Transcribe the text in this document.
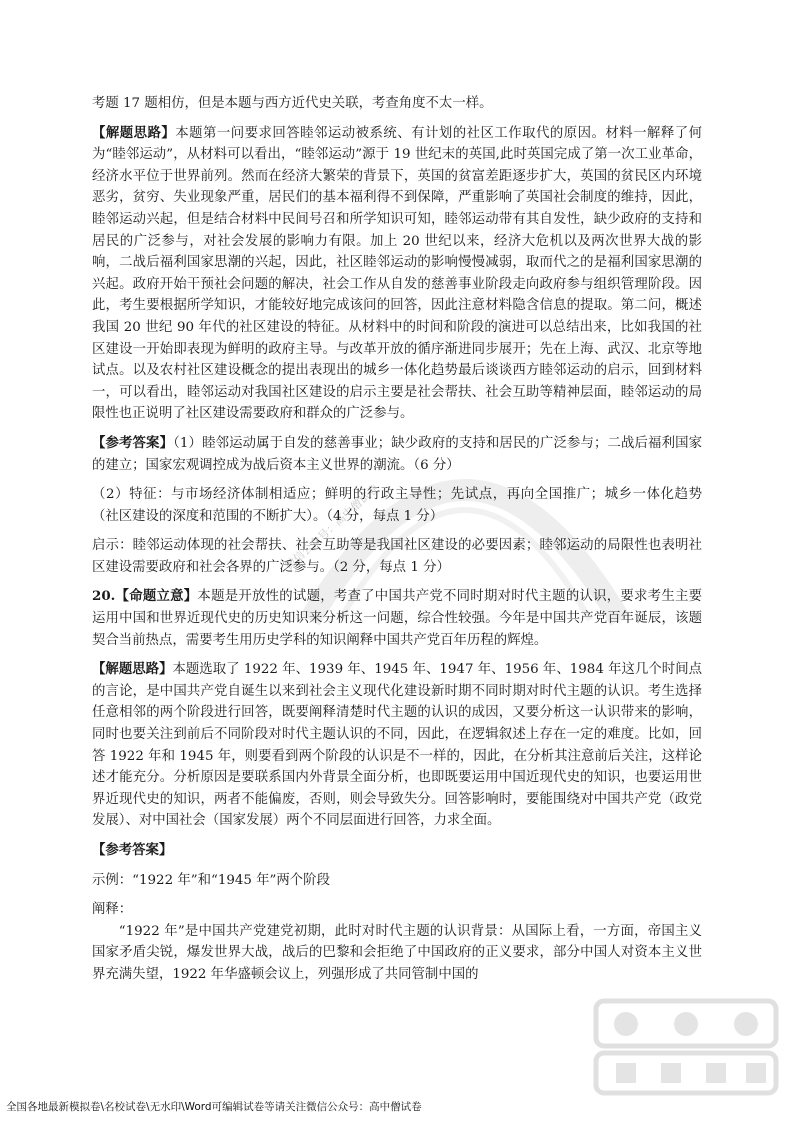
微信公众号：高中僧试卷

考题 17 题相仿，但是本题与西方近代史关联，考查角度不太一样。

【解题思路】本题第一问要求回答睦邻运动被系统、有计划的社区工作取代的原因。材料一解释了何为“睦邻运动”，从材料可以看出，“睦邻运动”源于 19 世纪末的英国,此时英国完成了第一次工业革命，经济水平位于世界前列。然而在经济大繁荣的背景下，英国的贫富差距逐步扩大，英国的贫民区内环境恶劣，贫穷、失业现象严重，居民们的基本福利得不到保障，严重影响了英国社会制度的维持，因此，睦邻运动兴起，但是结合材料中民间号召和所学知识可知，睦邻运动带有其自发性，缺少政府的支持和居民的广泛参与，对社会发展的影响力有限。加上 20 世纪以来，经济大危机以及两次世界大战的影响，二战后福利国家思潮的兴起，因此，社区睦邻运动的影响慢慢减弱，取而代之的是福利国家思潮的兴起。政府开始干预社会问题的解决，社会工作从自发的慈善事业阶段走向政府参与组织管理阶段。因此，考生要根据所学知识，才能较好地完成该问的回答，因此注意材料隐含信息的提取。第二问，概述我国 20 世纪 90 年代的社区建设的特征。从材料中的时间和阶段的演进可以总结出来，比如我国的社区建设一开始即表现为鲜明的政府主导。与改革开放的循序渐进同步展开；先在上海、武汉、北京等地试点。以及农村社区建设概念的提出表现出的城乡一体化趋势最后谈谈西方睦邻运动的启示，回到材料一，可以看出，睦邻运动对我国社区建设的启示主要是社会帮扶、社会互助等精神层面，睦邻运动的局限性也正说明了社区建设需要政府和群众的广泛参与。

【参考答案】（1）睦邻运动属于自发的慈善事业；缺少政府的支持和居民的广泛参与；二战后福利国家的建立；国家宏观调控成为战后资本主义世界的潮流。（6 分）

（2）特征：与市场经济体制相适应；鲜明的行政主导性；先试点，再向全国推广；城乡一体化趋势（社区建设的深度和范围的不断扩大）。（4 分，每点 1 分）

启示：睦邻运动体现的社会帮扶、社会互助等是我国社区建设的必要因素；睦邻运动的局限性也表明社区建设需要政府和社会各界的广泛参与。（2 分，每点 1 分）

20.【命题立意】本题是开放性的试题，考查了中国共产党不同时期对时代主题的认识，要求考生主要运用中国和世界近现代史的历史知识来分析这一问题，综合性较强。今年是中国共产党百年诞辰，该题契合当前热点，需要考生用历史学科的知识阐释中国共产党百年历程的辉煌。

【解题思路】本题选取了 1922 年、1939 年、1945 年、1947 年、1956 年、1984 年这几个时间点的言论，是中国共产党自诞生以来到社会主义现代化建设新时期不同时期对时代主题的认识。考生选择任意相邻的两个阶段进行回答，既要阐释清楚时代主题的认识的成因，又要分析这一认识带来的影响，同时也要关注到前后不同阶段对时代主题认识的不同，因此，在逻辑叙述上存在一定的难度。比如，回答 1922 年和 1945 年，则要看到两个阶段的认识是不一样的，因此，在分析其注意前后关注，这样论述才能充分。分析原因是要联系国内外背景全面分析，也即既要运用中国近现代史的知识，也要运用世界近现代史的知识，两者不能偏废，否则，则会导致失分。回答影响时，要能围绕对中国共产党（政党发展）、对中国社会（国家发展）两个不同层面进行回答，力求全面。

【参考答案】

示例：“1922 年”和“1945 年”两个阶段

阐释：

“1922 年”是中国共产党建党初期，此时对时代主题的认识背景：从国际上看，一方面，帝国主义国家矛盾尖锐，爆发世界大战，战后的巴黎和会拒绝了中国政府的正义要求，部分中国人对资本主义世界充满失望，1922 年华盛顿会议上，列强形成了共同管制中国的

全国各地最新模拟卷\名校试卷\无水印\Word可编辑试卷等请关注微信公众号：高中僧试卷
